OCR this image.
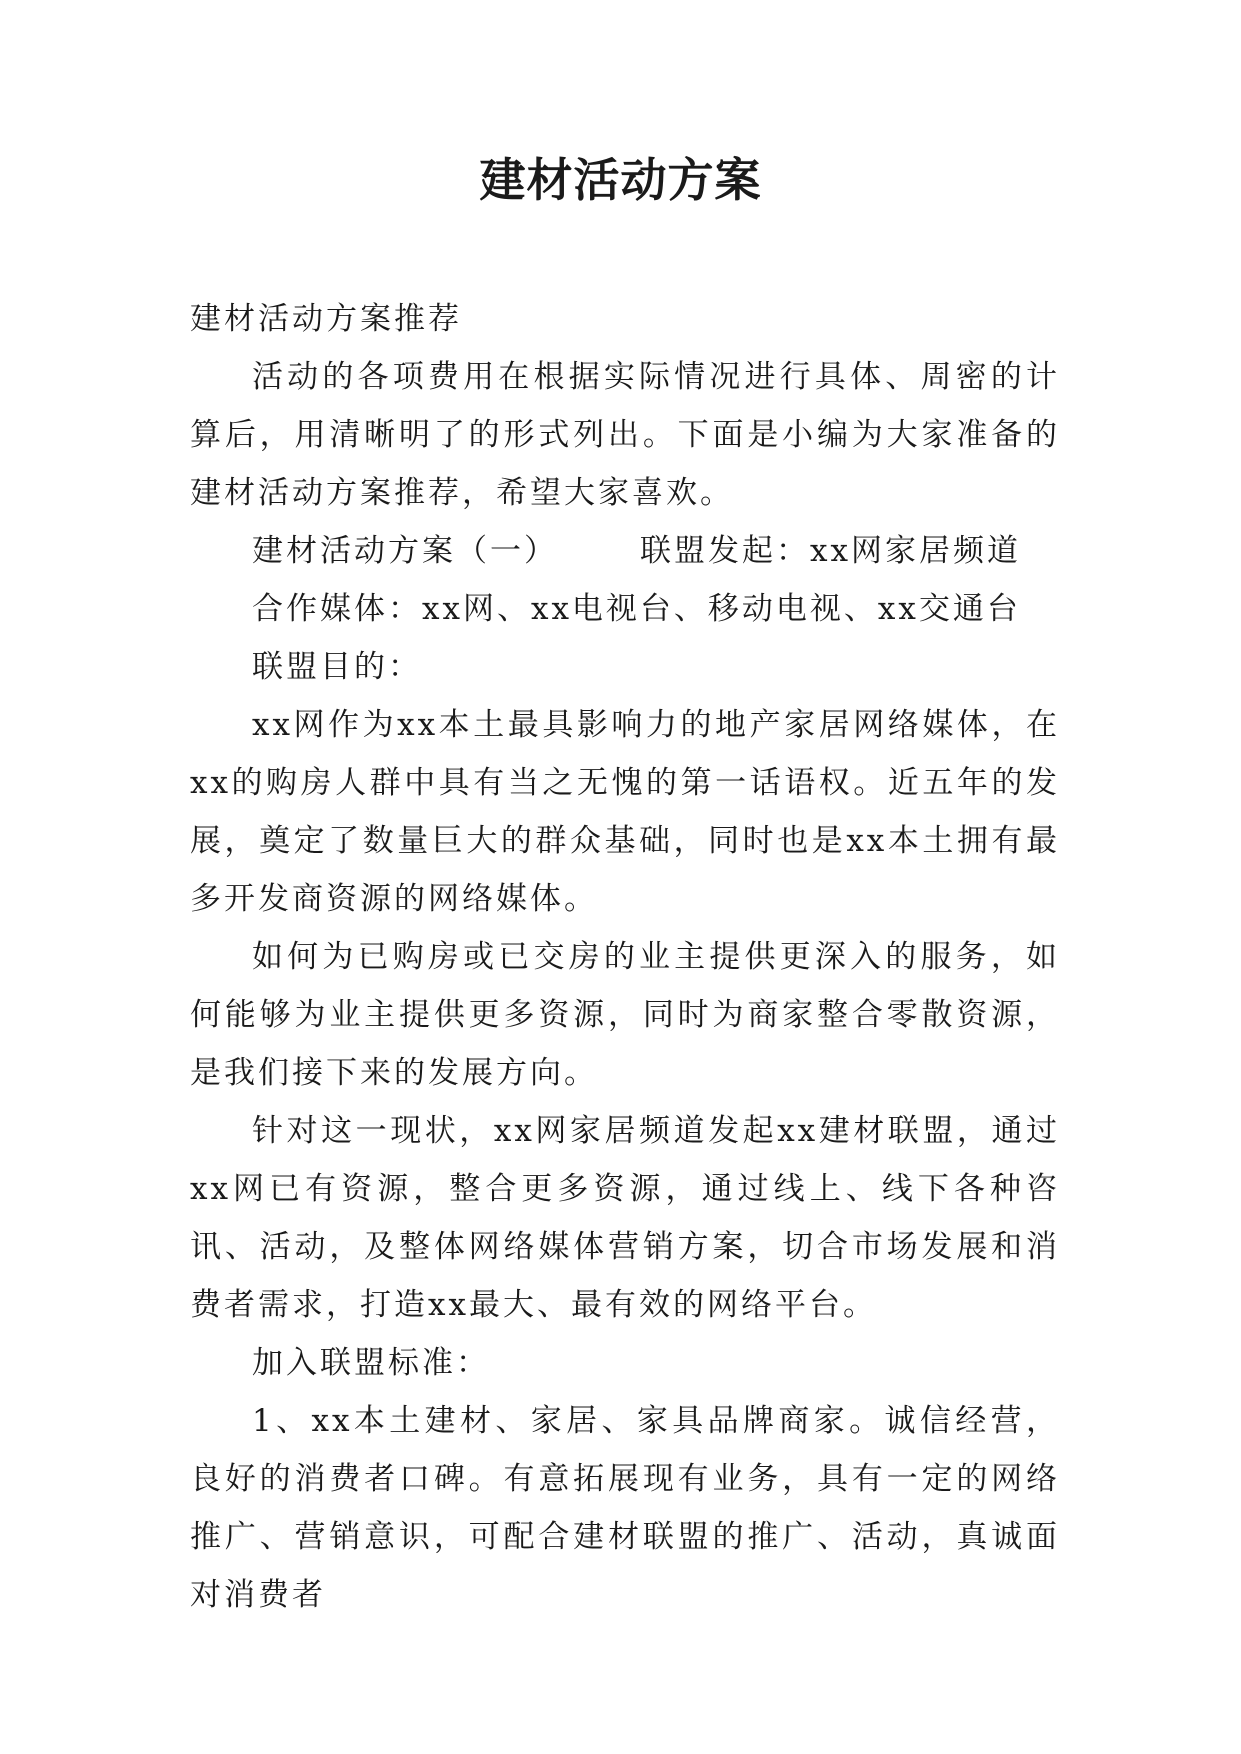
建材活动方案

建材活动方案推荐

活动的各项费用在根据实际情况进行具体、周密的计算后，用清晰明了的形式列出。下面是小编为大家准备的建材活动方案推荐，希望大家喜欢。

建材活动方案（一）	联盟发起：xx网家居频道

合作媒体：xx网、xx电视台、移动电视、xx交通台

联盟目的：

xx网作为xx本土最具影响力的地产家居网络媒体，在xx的购房人群中具有当之无愧的第一话语权。近五年的发展，奠定了数量巨大的群众基础，同时也是xx本土拥有最多开发商资源的网络媒体。

如何为已购房或已交房的业主提供更深入的服务，如何能够为业主提供更多资源，同时为商家整合零散资源，是我们接下来的发展方向。

针对这一现状，xx网家居频道发起xx建材联盟，通过xx网已有资源，整合更多资源，通过线上、线下各种咨讯、活动，及整体网络媒体营销方案，切合市场发展和消费者需求，打造xx最大、最有效的网络平台。

加入联盟标准：

1、xx本土建材、家居、家具品牌商家。诚信经营，良好的消费者口碑。有意拓展现有业务，具有一定的网络推广、营销意识，可配合建材联盟的推广、活动，真诚面对消费者
